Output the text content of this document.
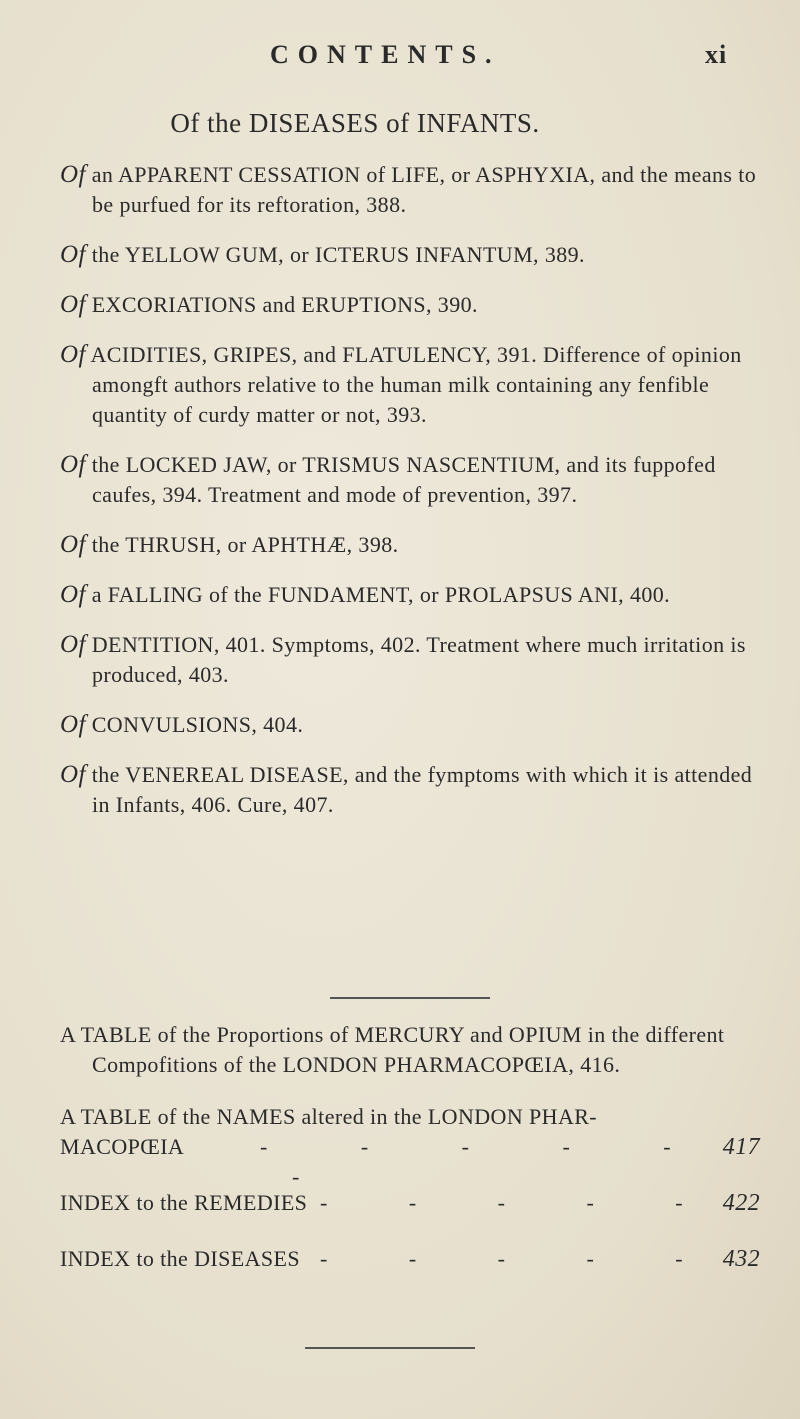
CONTENTS.	xi
Of the DISEASES of INFANTS.
Of an APPARENT CESSATION of LIFE, or ASPHYXIA, and the means to be purfued for its reftoration, 388.
Of the YELLOW GUM, or ICTERUS INFANTUM, 389.
Of EXCORIATIONS and ERUPTIONS, 390.
Of ACIDITIES, GRIPES, and FLATULENCY, 391. Difference of opinion amongft authors relative to the human milk containing any fenfible quantity of curdy matter or not, 393.
Of the LOCKED JAW, or TRISMUS NASCENTIUM, and its fuppofed caufes, 394. Treatment and mode of prevention, 397.
Of the THRUSH, or APHTHÆ, 398.
Of a FALLING of the FUNDAMENT, or PROLAPSUS ANI, 400.
Of DENTITION, 401. Symptoms, 402. Treatment where much irritation is produced, 403.
Of CONVULSIONS, 404.
Of the VENEREAL DISEASE, and the fymptoms with which it is attended in Infants, 406. Cure, 407.
A TABLE of the Proportions of MERCURY and OPIUM in the different Compofitions of the LONDON PHARMACOPŒIA, 416.
A TABLE of the NAMES altered in the LONDON PHAR-
MACOPŒIA	- - - - - -
417
INDEX to the REMEDIES - - - - - 422
INDEX to the DISEASES - - - - - 432
